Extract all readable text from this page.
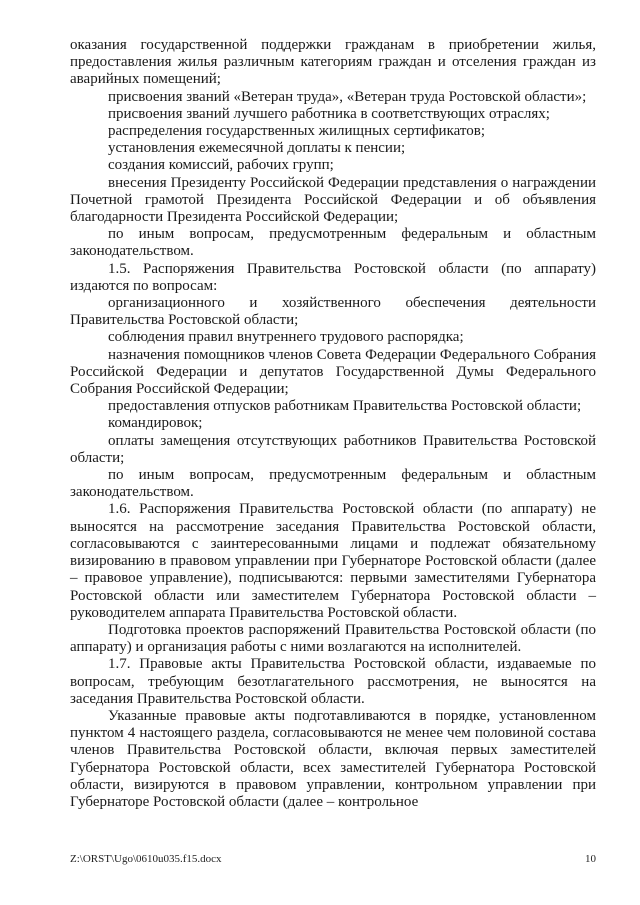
оказания государственной поддержки гражданам в приобретении жилья, предоставления жилья различным категориям граждан и отселения граждан из аварийных помещений;

присвоения званий «Ветеран труда», «Ветеран труда Ростовской области»;

присвоения званий лучшего работника в соответствующих отраслях;

распределения государственных жилищных сертификатов;

установления ежемесячной доплаты к пенсии;

создания комиссий, рабочих групп;

внесения Президенту Российской Федерации представления о награждении Почетной грамотой Президента Российской Федерации и об объявления благодарности Президента Российской Федерации;

по иным вопросам, предусмотренным федеральным и областным законодательством.

1.5. Распоряжения Правительства Ростовской области (по аппарату) издаются по вопросам:

организационного и хозяйственного обеспечения деятельности Правительства Ростовской области;

соблюдения правил внутреннего трудового распорядка;

назначения помощников членов Совета Федерации Федерального Собрания Российской Федерации и депутатов Государственной Думы Федерального Собрания Российской Федерации;

предоставления отпусков работникам Правительства Ростовской области;

командировок;

оплаты замещения отсутствующих работников Правительства Ростовской области;

по иным вопросам, предусмотренным федеральным и областным законодательством.

1.6. Распоряжения Правительства Ростовской области (по аппарату) не выносятся на рассмотрение заседания Правительства Ростовской области, согласовываются с заинтересованными лицами и подлежат обязательному визированию в правовом управлении при Губернаторе Ростовской области (далее – правовое управление), подписываются: первыми заместителями Губернатора Ростовской области или заместителем Губернатора Ростовской области – руководителем аппарата Правительства Ростовской области.

Подготовка проектов распоряжений Правительства Ростовской области (по аппарату) и организация работы с ними возлагаются на исполнителей.

1.7. Правовые акты Правительства Ростовской области, издаваемые по вопросам, требующим безотлагательного рассмотрения, не выносятся на заседания Правительства Ростовской области.

Указанные правовые акты подготавливаются в порядке, установленном пунктом 4 настоящего раздела, согласовываются не менее чем половиной состава членов Правительства Ростовской области, включая первых заместителей Губернатора Ростовской области, всех заместителей Губернатора Ростовской области, визируются в правовом управлении, контрольном управлении при Губернаторе Ростовской области (далее – контрольное

Z:\ORST\Ugo\0610u035.f15.docx	10
